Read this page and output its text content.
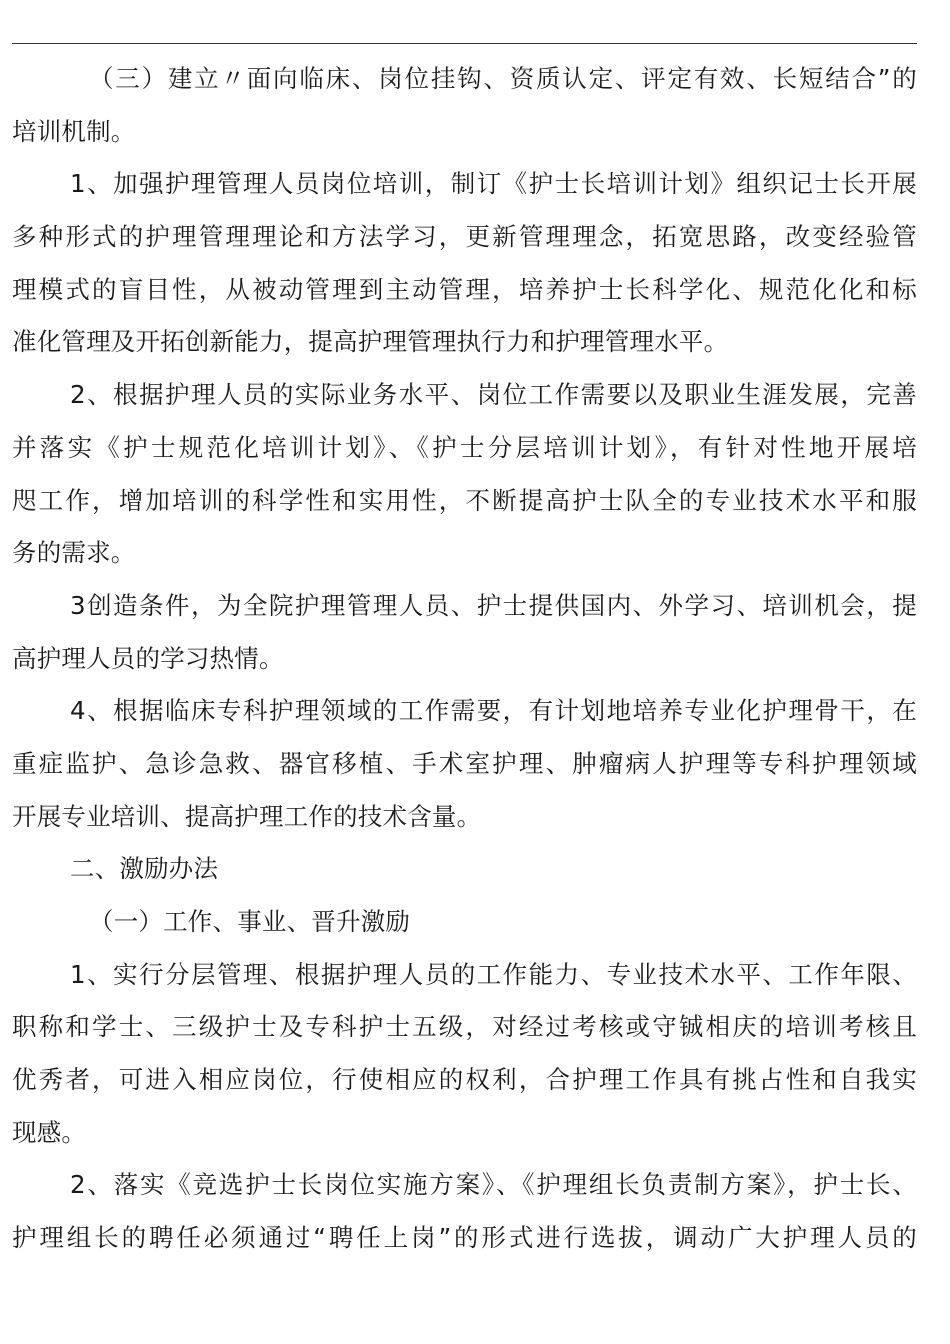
（三）建立〃面向临床、岗位挂钩、资质认定、评定有效、长短结合”的
培训机制。
1、加强护理管理人员岗位培训，制订《护士长培训计划》组织记士长开展
多种形式的护理管理理论和方法学习，更新管理理念，拓宽思路，改变经验管
理模式的盲目性，从被动管理到主动管理，培养护士长科学化、规范化化和标
准化管理及开拓创新能力，提高护理管理执行力和护理管理水平。
2、根据护理人员的实际业务水平、岗位工作需要以及职业生涯发展，完善
并落实《护士规范化培训计划》、《护士分层培训计划》，有针对性地开展培
咫工作，增加培训的科学性和实用性，不断提高护士队全的专业技术水平和服
务的需求。
3创造条件，为全院护理管理人员、护士提供国内、外学习、培训机会，提
高护理人员的学习热情。
4、根据临床专科护理领域的工作需要，有计划地培养专业化护理骨干，在
重症监护、急诊急救、器官移植、手术室护理、肿瘤病人护理等专科护理领域
开展专业培训、提高护理工作的技术含量。
二、激励办法
（一）工作、事业、晋升激励
1、实行分层管理、根据护理人员的工作能力、专业技术水平、工作年限、
职称和学士、三级护士及专科护士五级，对经过考核或守铖相庆的培训考核且
优秀者，可进入相应岗位，行使相应的权利，合护理工作具有挑占性和自我实
现感。
2、落实《竞选护士长岗位实施方案》、《护理组长负责制方案》，护士长、
护理组长的聘任必须通过“聘任上岗”的形式进行选拔，调动广大护理人员的
